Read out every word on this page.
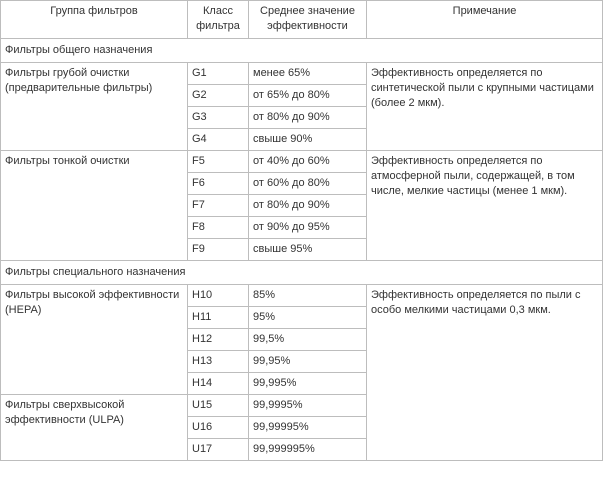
Группа фильтров	Класс фильтра	Среднее значение эффективности	Примечание
Фильтры общего назначения			
Фильтры грубой очистки (предварительные фильтры)	G1	менее 65%	Эффективность определяется по синтетической пыли с крупными частицами (более 2 мкм).
	G2	от 65% до 80%	
	G3	от 80% до 90%	
	G4	свыше 90%	
Фильтры тонкой очистки	F5	от 40% до 60%	Эффективность определяется по атмосферной пыли, содержащей, в том числе, мелкие частицы (менее 1 мкм).
	F6	от 60% до 80%	
	F7	от 80% до 90%	
	F8	от 90% до 95%	
	F9	свыше 95%	
Фильтры специального назначения			
Фильтры высокой эффективности (HEPA)	H10	85%	Эффективность определяется по пыли с особо мелкими частицами 0,3 мкм.
	H11	95%	
	H12	99,5%	
	H13	99,95%	
	H14	99,995%	
Фильтры сверхвысокой эффективности (ULPA)	U15	99,9995%	
	U16	99,99995%	
	U17	99,999995%	
